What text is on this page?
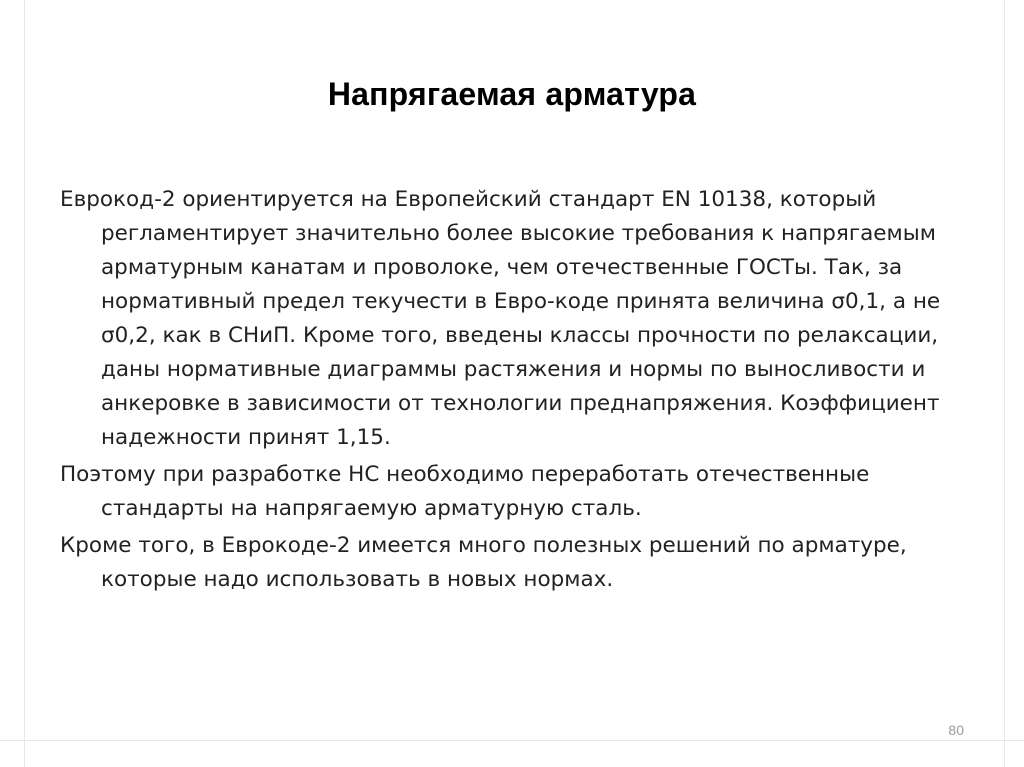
Напрягаемая арматура

Еврокод-2 ориентируется на Европейский стандарт EN 10138, который регламентирует значительно более высокие требования к напрягаемым арматурным канатам и проволоке, чем отечественные ГОСТы. Так, за нормативный предел текучести в Евро-коде принята величина σ0,1, а не σ0,2, как в СНиП. Кроме того, введены классы прочности по релаксации, даны нормативные диаграммы растяжения и нормы по выносливости и анкеровке в зависимости от технологии преднапряжения. Коэффициент надежности принят 1,15.

Поэтому при разработке НС необходимо переработать отечественные стандарты на напрягаемую арматурную сталь.

Кроме того, в Еврокоде-2 имеется много полезных решений по арматуре, которые надо использовать в новых нормах.

80
